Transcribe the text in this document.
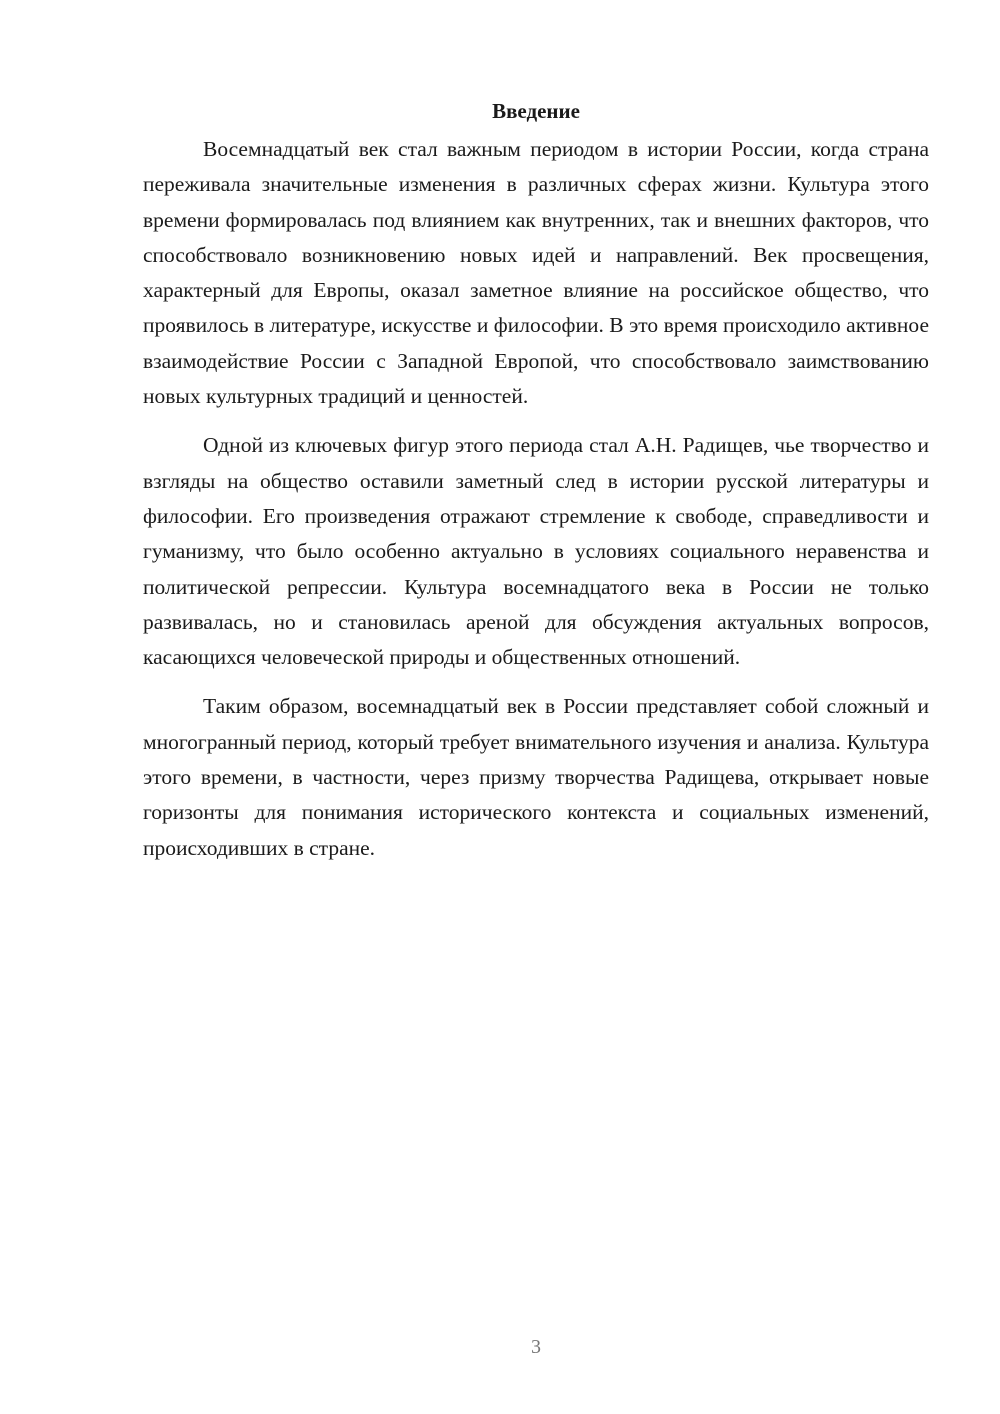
Введение

Восемнадцатый век стал важным периодом в истории России, когда страна переживала значительные изменения в различных сферах жизни. Культура этого времени формировалась под влиянием как внутренних, так и внешних факторов, что способствовало возникновению новых идей и направлений. Век просвещения, характерный для Европы, оказал заметное влияние на российское общество, что проявилось в литературе, искусстве и философии. В это время происходило активное взаимодействие России с Западной Европой, что способствовало заимствованию новых культурных традиций и ценностей.

Одной из ключевых фигур этого периода стал А.Н. Радищев, чье творчество и взгляды на общество оставили заметный след в истории русской литературы и философии. Его произведения отражают стремление к свободе, справедливости и гуманизму, что было особенно актуально в условиях социального неравенства и политической репрессии. Культура восемнадцатого века в России не только развивалась, но и становилась ареной для обсуждения актуальных вопросов, касающихся человеческой природы и общественных отношений.

Таким образом, восемнадцатый век в России представляет собой сложный и многогранный период, который требует внимательного изучения и анализа. Культура этого времени, в частности, через призму творчества Радищева, открывает новые горизонты для понимания исторического контекста и социальных изменений, происходивших в стране.

3
